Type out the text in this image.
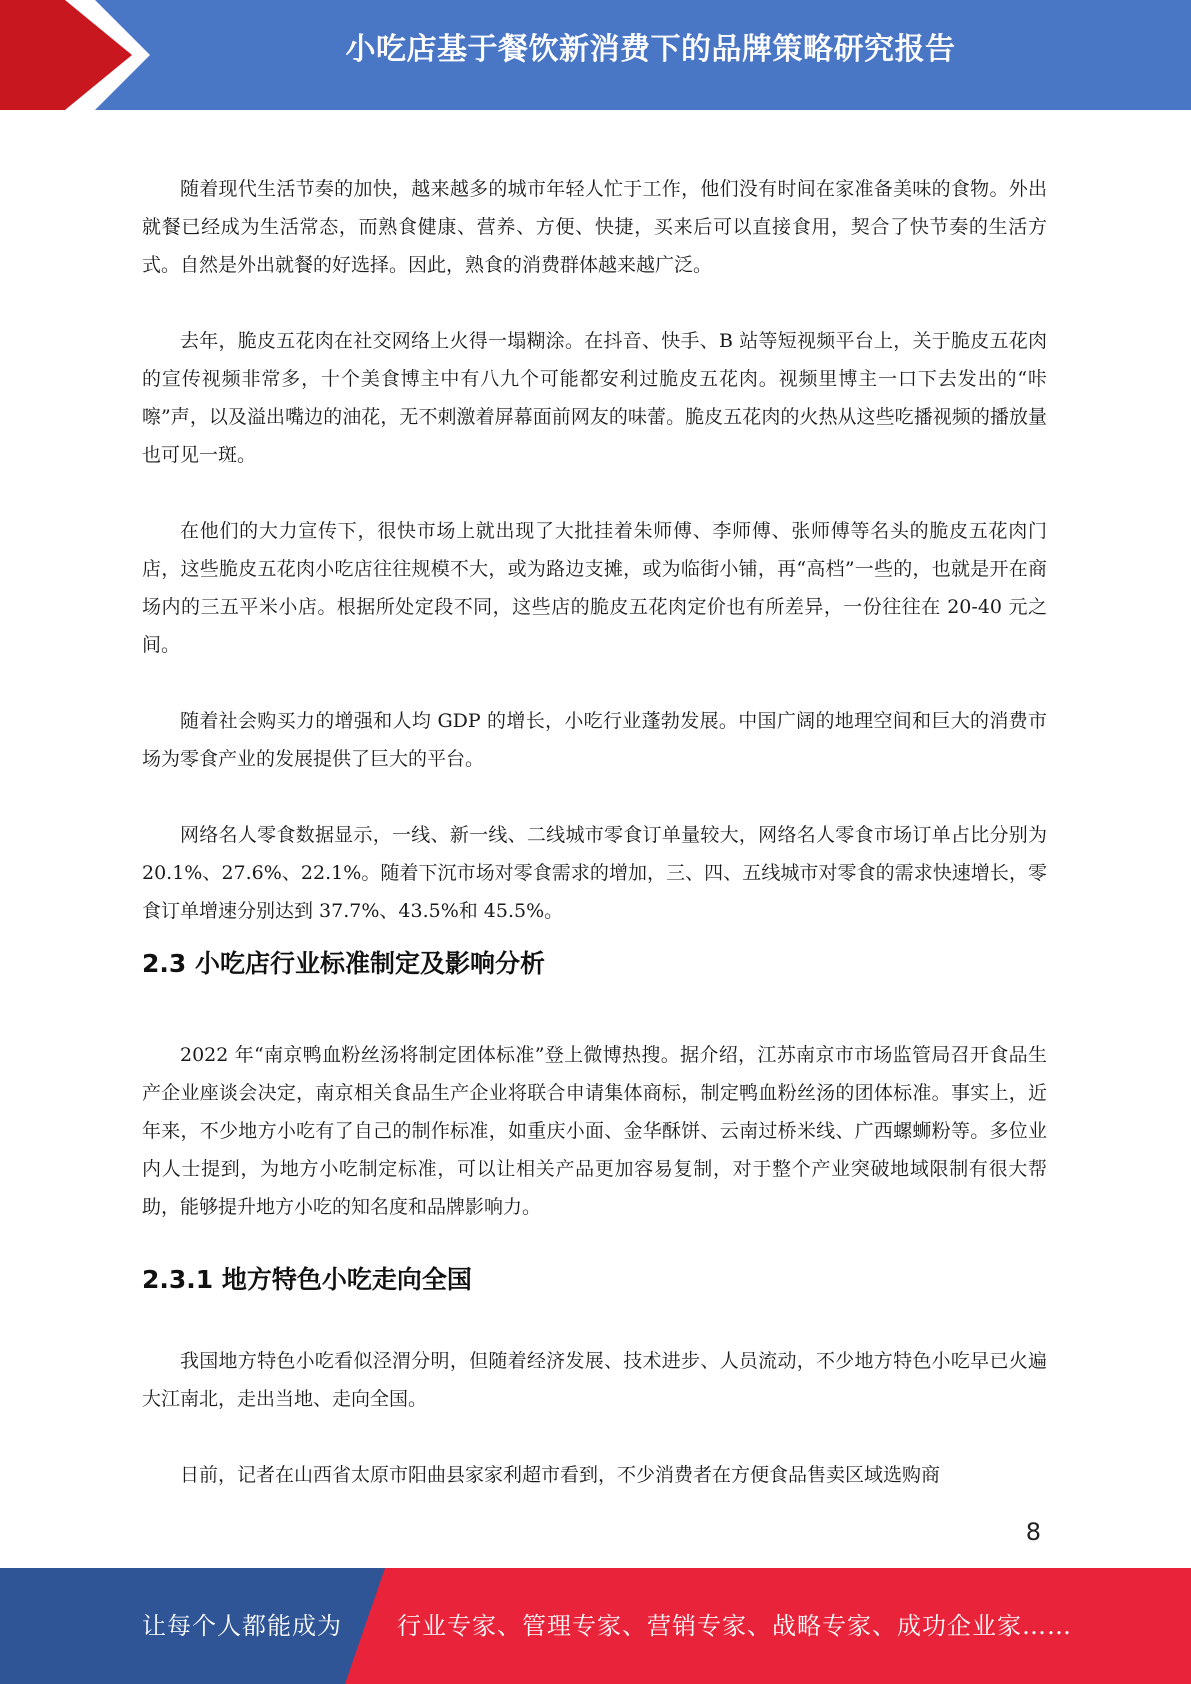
小吃店基于餐饮新消费下的品牌策略研究报告

随着现代生活节奏的加快，越来越多的城市年轻人忙于工作，他们没有时间在家准备美味的食物。外出就餐已经成为生活常态，而熟食健康、营养、方便、快捷，买来后可以直接食用，契合了快节奏的生活方式。自然是外出就餐的好选择。因此，熟食的消费群体越来越广泛。

去年，脆皮五花肉在社交网络上火得一塌糊涂。在抖音、快手、B 站等短视频平台上，关于脆皮五花肉的宣传视频非常多，十个美食博主中有八九个可能都安利过脆皮五花肉。视频里博主一口下去发出的“咔嚓”声，以及溢出嘴边的油花，无不刺激着屏幕面前网友的味蕾。脆皮五花肉的火热从这些吃播视频的播放量也可见一斑。

在他们的大力宣传下，很快市场上就出现了大批挂着朱师傅、李师傅、张师傅等名头的脆皮五花肉门店，这些脆皮五花肉小吃店往往规模不大，或为路边支摊，或为临街小铺，再“高档”一些的，也就是开在商场内的三五平米小店。根据所处定段不同，这些店的脆皮五花肉定价也有所差异，一份往往在 20-40 元之间。

随着社会购买力的增强和人均 GDP 的增长，小吃行业蓬勃发展。中国广阔的地理空间和巨大的消费市场为零食产业的发展提供了巨大的平台。

网络名人零食数据显示，一线、新一线、二线城市零食订单量较大，网络名人零食市场订单占比分别为 20.1%、27.6%、22.1%。随着下沉市场对零食需求的增加，三、四、五线城市对零食的需求快速增长，零食订单增速分别达到 37.7%、43.5%和 45.5%。

2.3 小吃店行业标准制定及影响分析

2022 年“南京鸭血粉丝汤将制定团体标准”登上微博热搜。据介绍，江苏南京市市场监管局召开食品生产企业座谈会决定，南京相关食品生产企业将联合申请集体商标，制定鸭血粉丝汤的团体标准。事实上，近年来，不少地方小吃有了自己的制作标准，如重庆小面、金华酥饼、云南过桥米线、广西螺蛳粉等。多位业内人士提到，为地方小吃制定标准，可以让相关产品更加容易复制，对于整个产业突破地域限制有很大帮助，能够提升地方小吃的知名度和品牌影响力。

2.3.1 地方特色小吃走向全国

我国地方特色小吃看似泾渭分明，但随着经济发展、技术进步、人员流动，不少地方特色小吃早已火遍大江南北，走出当地、走向全国。

日前，记者在山西省太原市阳曲县家家利超市看到，不少消费者在方便食品售卖区域选购商

8
让每个人都能成为 行业专家、管理专家、营销专家、战略专家、成功企业家……
